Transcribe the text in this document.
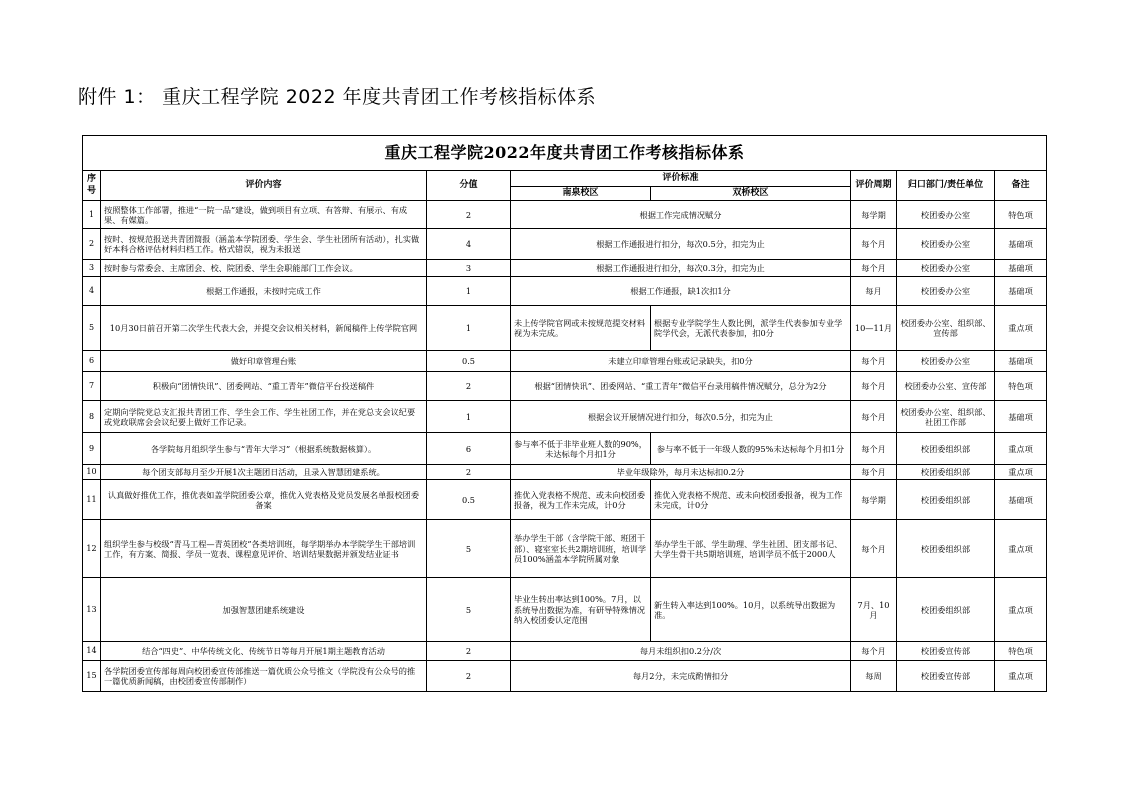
附件 1： 重庆工程学院 2022 年度共青团工作考核指标体系

重庆工程学院2022年度共青团工作考核指标体系							
序号	评价内容	分值	评价标准		评价周期	归口部门/责任单位	备注
			南泉校区	双桥校区			
1	按照整体工作部署，推进“一院一品”建设，做到项目有立项、有答辩、有展示、有成果、有媒篇。	2	根据工作完成情况赋分		每学期	校团委办公室	特色项
2	按时、按规范报送共青团简报（涵盖本学院团委、学生会、学生社团所有活动），扎实做好本科合格评估材料归档工作。格式错误，视为未报送	4	根据工作通报进行扣分，每次0.5分，扣完为止		每个月	校团委办公室	基础项
3	按时参与常委会、主席团会、校、院团委、学生会职能部门工作会议。	3	根据工作通报进行扣分，每次0.3分，扣完为止		每个月	校团委办公室	基础项
4	根据工作通报，未按时完成工作	1	根据工作通报，缺1次扣1分		每月	校团委办公室	基础项
5	10月30日前召开第二次学生代表大会，并提交会议相关材料，新闻稿件上传学院官网	1	未上传学院官网或未按规范提交材料视为未完成。	根据专业学院学生人数比例，派学生代表参加专业学院学代会，无派代表参加，扣0分	10—11月	校团委办公室、组织部、宣传部	重点项
6	做好印章管理台账	0.5	未建立印章管理台账或记录缺失，扣0分		每个月	校团委办公室	基础项
7	积极向“团情快讯”、团委网站、“重工青年”微信平台投送稿件	2	根据“团情快讯”、团委网站、“重工青年”微信平台录用稿件情况赋分，总分为2分		每个月	校团委办公室、宣传部	特色项
8	定期向学院党总支汇报共青团工作、学生会工作、学生社团工作，并在党总支会议纪要或党政联席会会议纪要上做好工作记录。	1	根据会议开展情况进行扣分，每次0.5分，扣完为止		每个月	校团委办公室、组织部、社团工作部	基础项
9	各学院每月组织学生参与“青年大学习”（根据系统数据核算）。	6	参与率不低于非毕业班人数的90%，未达标每个月扣1分	参与率不低于一年级人数的95%未达标每个月扣1分	每个月	校团委组织部	重点项
10	每个团支部每月至少开展1次主题团日活动，且录入智慧团建系统。	2	毕业年级除外，每月未达标扣0.2分		每个月	校团委组织部	重点项
11	认真做好推优工作，推优表如盖学院团委公章，推优入党表格及党员发展名单报校团委备案	0.5	推优入党表格不规范、或未向校团委报备，视为工作未完成，计0分	推优入党表格不规范、或未向校团委报备，视为工作未完成，计0分	每学期	校团委组织部	基础项
12	组织学生参与校级“青马工程—青英团校”各类培训班，每学期举办本学院学生干部培训工作，有方案、简报、学员一览表、课程意见评价、培训结果数据并颁发结业证书	5	举办学生干部（含学院干部、班团干部）、寝室室长共2期培训班，培训学员100%涵盖本学院所属对象	举办学生干部、学生助理、学生社团、团支部书记、大学生骨干共5期培训班，培训学员不低于2000人	每个月	校团委组织部	重点项
13	加强智慧团建系统建设	5	毕业生转出率达到100%。7月，以系统导出数据为准，有研导特殊情况纳入校团委认定范围	新生转入率达到100%。10月，以系统导出数据为准。	7月、10月	校团委组织部	重点项
14	结合“四史”、中华传统文化、传统节日等每月开展1期主题教育活动	2	每月未组织扣0.2分/次		每个月	校团委宣传部	特色项
15	各学院团委宣传部每周向校团委宣传部推送一篇优质公众号推文（学院没有公众号的推一篇优质新闻稿，由校团委宣传部制作）	2	每月2分，未完成酌情扣分		每周	校团委宣传部	重点项
